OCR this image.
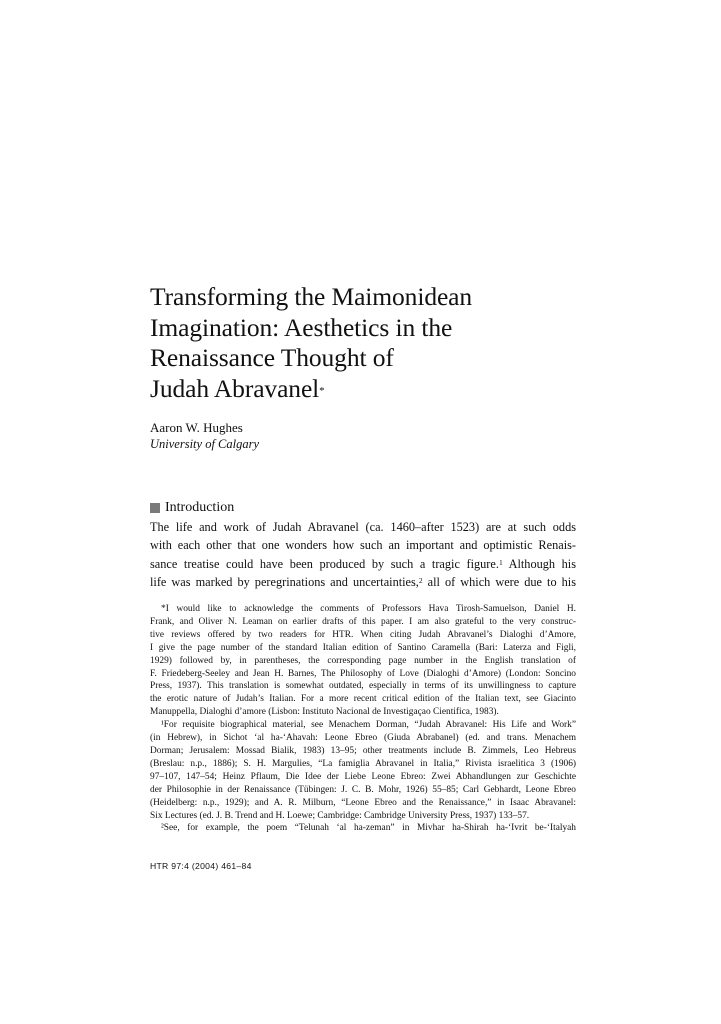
Transforming the Maimonidean
Imagination: Aesthetics in the
Renaissance Thought of
Judah Abravanel*
Aaron W. Hughes
University of Calgary
Introduction
The life and work of Judah Abravanel (ca. 1460–after 1523) are at such odds
with each other that one wonders how such an important and optimistic Renais-
sance treatise could have been produced by such a tragic figure.$^1$ Although his
life was marked by peregrinations and uncertainties,$^2$ all of which were due to his
*I would like to acknowledge the comments of Professors Hava Tirosh-Samuelson, Daniel H.
Frank, and Oliver N. Leaman on earlier drafts of this paper. I am also grateful to the very construc-
tive reviews offered by two readers for HTR. When citing Judah Abravanel’s Dialoghi d’Amore,
I give the page number of the standard Italian edition of Santino Caramella (Bari: Laterza and Figli,
1929) followed by, in parentheses, the corresponding page number in the English translation of
F. Friedeberg-Seeley and Jean H. Barnes, The Philosophy of Love (Dialoghi d’Amore) (London: Soncino
Press, 1937). This translation is somewhat outdated, especially in terms of its unwillingness to capture
the erotic nature of Judah’s Italian. For a more recent critical edition of the Italian text, see Giacinto
Manuppella, Dialoghi d’amore (Lisbon: Instituto Nacional de Investigaçao Cientifica, 1983).
¹For requisite biographical material, see Menachem Dorman, “Judah Abravanel: His Life and Work”
(in Hebrew), in Sichot ‘al ha-‘Ahavah: Leone Ebreo (Giuda Abrabanel) (ed. and trans. Menachem
Dorman; Jerusalem: Mossad Bialik, 1983) 13–95; other treatments include B. Zimmels, Leo Hebreus
(Breslau: n.p., 1886); S. H. Margulies, “La famiglia Abravanel in Italia,” Rivista israelitica 3 (1906)
97–107, 147–54; Heinz Pflaum, Die Idee der Liebe Leone Ebreo: Zwei Abhandlungen zur Geschichte
der Philosophie in der Renaissance (Tübingen: J. C. B. Mohr, 1926) 55–85; Carl Gebhardt, Leone Ebreo
(Heidelberg: n.p., 1929); and A. R. Milburn, “Leone Ebreo and the Renaissance,” in Isaac Abravanel:
Six Lectures (ed. J. B. Trend and H. Loewe; Cambridge: Cambridge University Press, 1937) 133–57.
²See, for example, the poem “Telunah ‘al ha-zeman” in Mivhar ha-Shirah ha-‘Ivrit be-‘Italyah
HTR 97:4 (2004) 461–84
